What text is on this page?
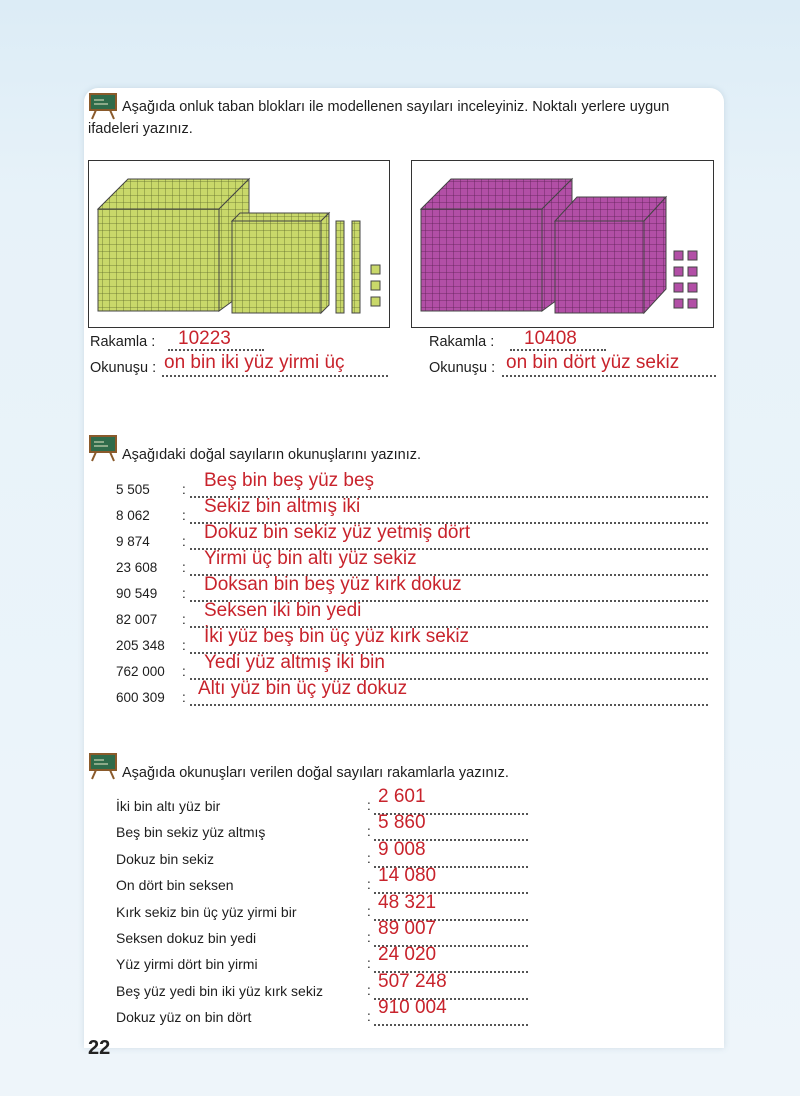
Aşağıda onluk taban blokları ile modellenen sayıları inceleyiniz. Noktalı yerlere uygun ifadeleri yazınız.
Rakamla : 10223
Okunuşu : on bin iki yüz yirmi üç
Rakamla : 10408
Okunuşu : on bin dört yüz sekiz
Aşağıdaki doğal sayıların okunuşlarını yazınız.
5 505 : Beş bin beş yüz beş
8 062 : Sekiz bin altmış iki
9 874 : Dokuz bin sekiz yüz yetmiş dört
23 608 : Yirmi üç bin altı yüz sekiz
90 549 : Doksan bin beş yüz kırk dokuz
82 007 : Seksen iki bin yedi
205 348 : İki yüz beş bin üç yüz kırk sekiz
762 000 : Yedi yüz altmış iki bin
600 309 : Altı yüz bin üç yüz dokuz
Aşağıda okunuşları verilen doğal sayıları rakamlarla yazınız.
İki bin altı yüz bir	: 2 601
Beş bin sekiz yüz altmış	: 5 860
Dokuz bin sekiz	: 9 008
On dört bin seksen	: 14 080
Kırk sekiz bin üç yüz yirmi bir	: 48 321
Seksen dokuz bin yedi	: 89 007
Yüz yirmi dört bin yirmi	: 24 020
Beş yüz yedi bin iki yüz kırk sekiz	: 507 248
Dokuz yüz on bin dört	: 910 004
22
